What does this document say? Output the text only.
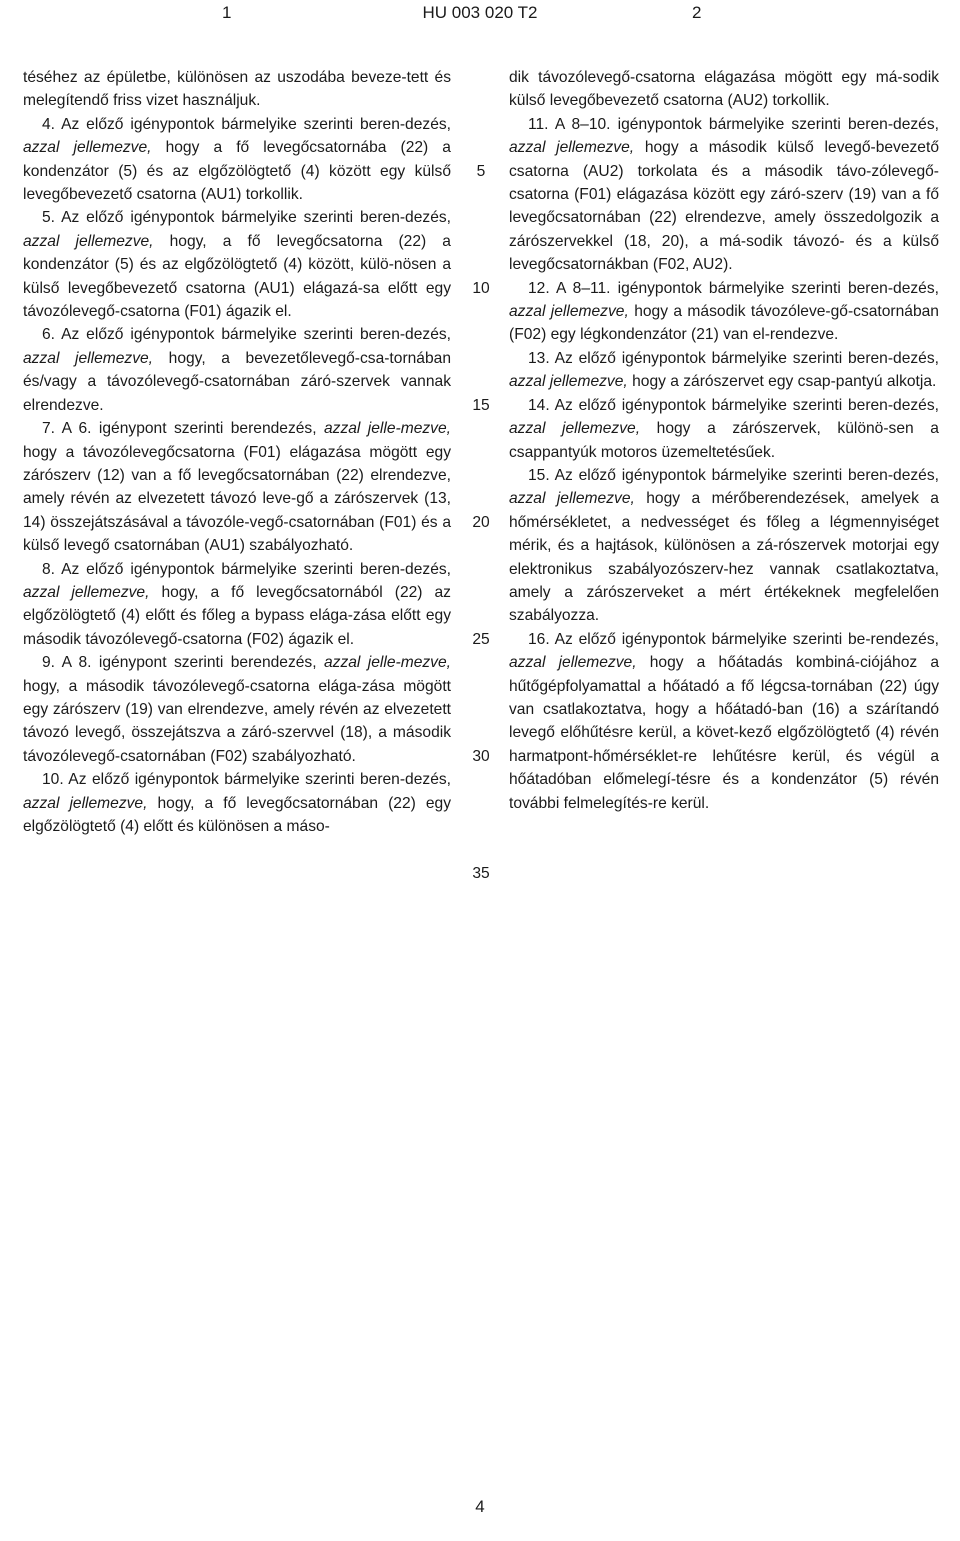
1	HU 003 020 T2	2

téséhez az épületbe, különösen az uszodába beveze-tett és melegítendő friss vizet használjuk.

4. Az előző igénypontok bármelyike szerinti beren-dezés, azzal jellemezve, hogy a fő levegőcsatornába (22) a kondenzátor (5) és az elgőzölögtető (4) között egy külső levegőbevezető csatorna (AU1) torkollik.

5. Az előző igénypontok bármelyike szerinti beren-dezés, azzal jellemezve, hogy, a fő levegőcsatorna (22) a kondenzátor (5) és az elgőzölögtető (4) között, külö-nösen a külső levegőbevezető csatorna (AU1) elágazá-sa előtt egy távozólevegő-csatorna (F01) ágazik el.

6. Az előző igénypontok bármelyike szerinti beren-dezés, azzal jellemezve, hogy, a bevezetőlevegő-csa-tornában és/vagy a távozólevegő-csatornában záró-szervek vannak elrendezve.

7. A 6. igénypont szerinti berendezés, azzal jelle-mezve, hogy a távozólevegőcsatorna (F01) elágazása mögött egy zárószerv (12) van a fő levegőcsatornában (22) elrendezve, amely révén az elvezetett távozó leve-gő a zárószervek (13, 14) összejátszásával a távozóle-vegő-csatornában (F01) és a külső levegő csatornában (AU1) szabályozható.

8. Az előző igénypontok bármelyike szerinti beren-dezés, azzal jellemezve, hogy, a fő levegőcsatornából (22) az elgőzölögtető (4) előtt és főleg a bypass elága-zása előtt egy második távozólevegő-csatorna (F02) ágazik el.

9. A 8. igénypont szerinti berendezés, azzal jelle-mezve, hogy, a második távozólevegő-csatorna elága-zása mögött egy zárószerv (19) van elrendezve, amely révén az elvezetett távozó levegő, összejátszva a záró-szervvel (18), a második távozólevegő-csatornában (F02) szabályozható.

10. Az előző igénypontok bármelyike szerinti beren-dezés, azzal jellemezve, hogy, a fő levegőcsatornában (22) egy elgőzölögtető (4) előtt és különösen a máso-

dik távozólevegő-csatorna elágazása mögött egy má-sodik külső levegőbevezető csatorna (AU2) torkollik.

11. A 8–10. igénypontok bármelyike szerinti beren-dezés, azzal jellemezve, hogy a második külső levegő-bevezető csatorna (AU2) torkolata és a második távo-zólevegő-csatorna (F01) elágazása között egy záró-szerv (19) van a fő levegőcsatornában (22) elrendezve, amely összedolgozik a zárószervekkel (18, 20), a má-sodik távozó- és a külső levegőcsatornákban (F02, AU2).

12. A 8–11. igénypontok bármelyike szerinti beren-dezés, azzal jellemezve, hogy a második távozóleve-gő-csatornában (F02) egy légkondenzátor (21) van el-rendezve.

13. Az előző igénypontok bármelyike szerinti beren-dezés, azzal jellemezve, hogy a zárószervet egy csap-pantyú alkotja.

14. Az előző igénypontok bármelyike szerinti beren-dezés, azzal jellemezve, hogy a zárószervek, különö-sen a csappantyúk motoros üzemeltetésűek.

15. Az előző igénypontok bármelyike szerinti beren-dezés, azzal jellemezve, hogy a mérőberendezések, amelyek a hőmérsékletet, a nedvességet és főleg a légmennyiséget mérik, és a hajtások, különösen a zá-rószervek motorjai egy elektronikus szabályozószerv-hez vannak csatlakoztatva, amely a zárószerveket a mért értékeknek megfelelően szabályozza.

16. Az előző igénypontok bármelyike szerinti be-rendezés, azzal jellemezve, hogy a hőátadás kombiná-ciójához a hűtőgépfolyamattal a hőátadó a fő légcsa-tornában (22) úgy van csatlakoztatva, hogy a hőátadó-ban (16) a szárítandó levegő előhűtésre kerül, a követ-kező elgőzölögtető (4) révén harmatpont-hőmérséklet-re lehűtésre kerül, és végül a hőátadóban előmelegí-tésre és a kondenzátor (5) révén további felmelegítés-re kerül.

5
10
15
20
25
30
35
4
